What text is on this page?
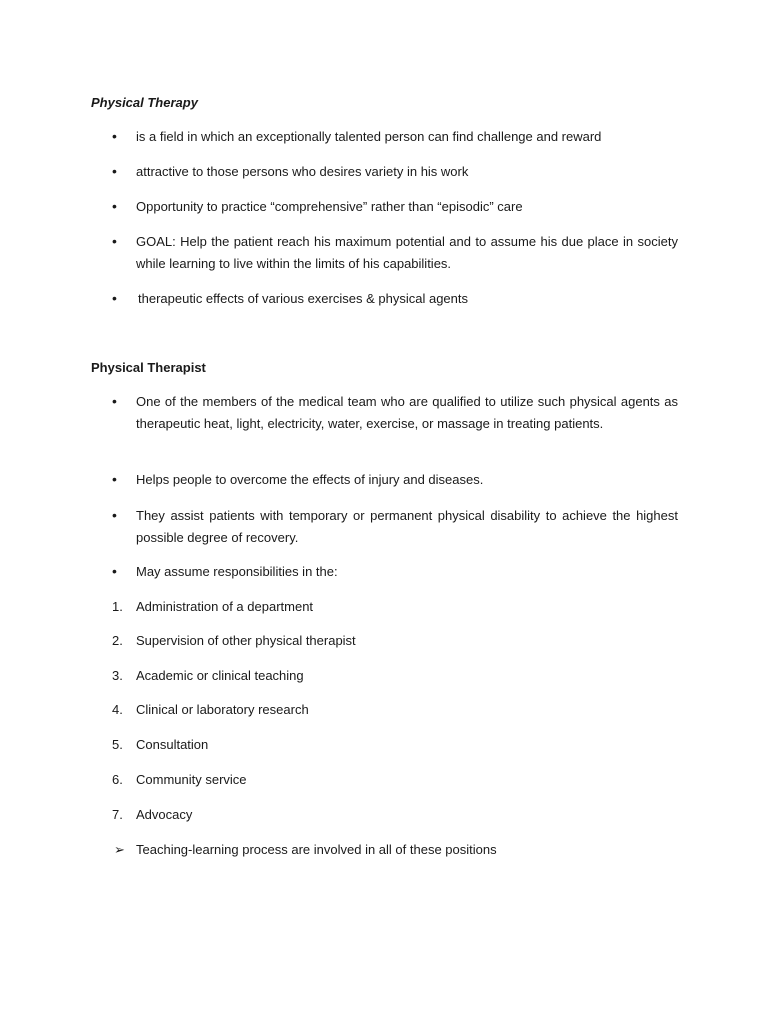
Physical Therapy

•	is a field in which an exceptionally talented person can find challenge and reward
•	attractive to those persons who desires variety in his work
•	Opportunity to practice “comprehensive” rather than “episodic” care
•	GOAL: Help the patient reach his maximum potential and to assume his due place in society while learning to live within the limits of his capabilities.
•	therapeutic effects of various exercises & physical agents

Physical Therapist

•	One of the members of the medical team who are qualified to utilize such physical agents as therapeutic heat, light, electricity, water, exercise, or massage in treating patients.
•	Helps people to overcome the effects of injury and diseases.
•	They assist patients with temporary or permanent physical disability to achieve the highest possible degree of recovery.
•	May assume responsibilities in the:
1.	Administration of a department
2.	Supervision of other physical therapist
3.	Academic or clinical teaching
4.	Clinical or laboratory research
5.	Consultation
6.	Community service
7.	Advocacy
➢ Teaching-learning process are involved in all of these positions
